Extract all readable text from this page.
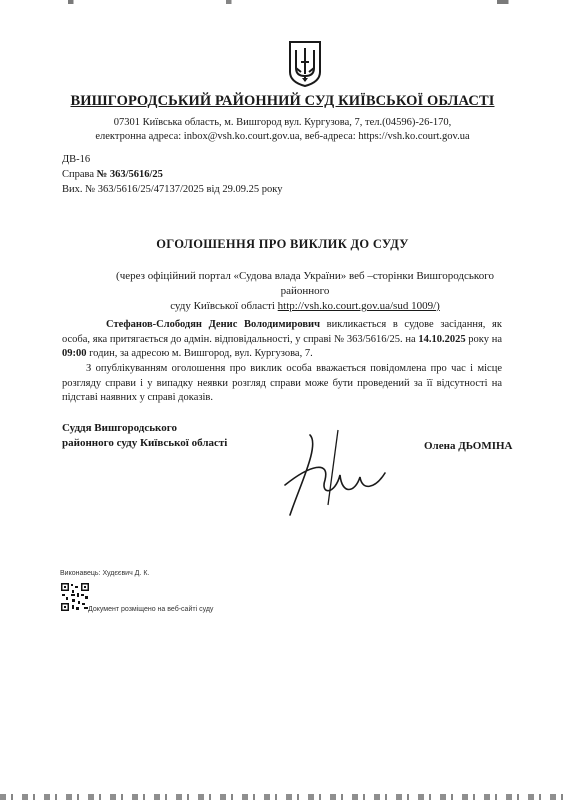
ВИШГОРОДСЬКИЙ РАЙОННИЙ СУД КИЇВСЬКОЇ ОБЛАСТІ
07301 Київська область, м. Вишгород вул. Кургузова, 7, тел.(04596)-26-170,
електронна адреса: inbox@vsh.ko.court.gov.ua, веб-адреса: https://vsh.ko.court.gov.ua
ДВ-16
Справа № 363/5616/25
Вих. № 363/5616/25/47137/2025 від 29.09.25 року
ОГОЛОШЕННЯ ПРО ВИКЛИК ДО СУДУ
(через офіційний портал «Судова влада України» веб –сторінки Вишгородського районного
суду Київської області http://vsh.ko.court.gov.ua/sud 1009/)
Стефанов-Слободян Денис Володимирович викликається в судове засідання, як особа, яка притягається до адмін. відповідальності, у справі № 363/5616/25. на 14.10.2025 року на 09:00 годин, за адресою м. Вишгород, вул. Кургузова, 7.
З опублікуванням оголошення про виклик особа вважається повідомлена про час і місце розгляду справи і у випадку неявки розгляд справи може бути проведений за її відсутності на підставі наявних у справі доказів.
Суддя Вишгородського
районного суду Київської області	Олена ДЬОМІНА
Виконавець: Худєєвич Д. К.
Документ розміщено на веб-сайті суду
